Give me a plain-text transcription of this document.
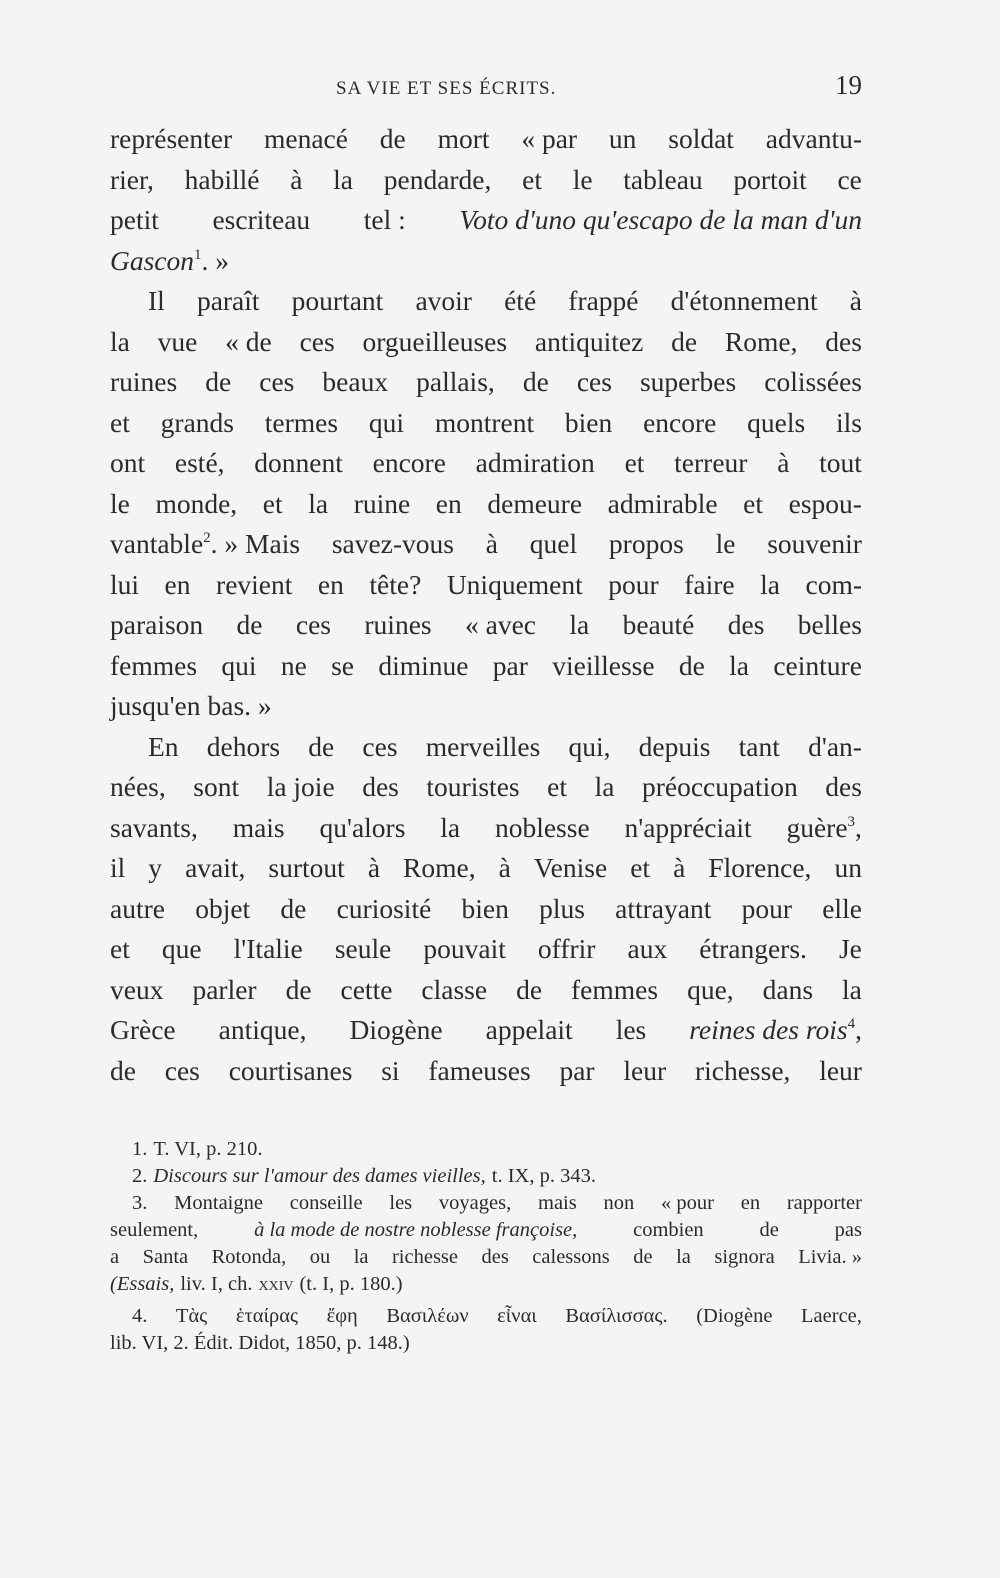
SA VIE ET SES ÉCRITS.	19
représenter menacé de mort « par un soldat advantu-
rier, habillé à la pendarde, et le tableau portoit ce
petit escriteau tel : Voto d'uno qu'escapo de la man d'un
Gascon$^1$. »
Il paraît pourtant avoir été frappé d'étonnement à
la vue « de ces orgueilleuses antiquitez de Rome, des
ruines de ces beaux pallais, de ces superbes colissées
et grands termes qui montrent bien encore quels ils
ont esté, donnent encore admiration et terreur à tout
le monde, et la ruine en demeure admirable et espou-
vantable$^2$. » Mais savez-vous à quel propos le souvenir
lui en revient en tête? Uniquement pour faire la com-
paraison de ces ruines « avec la beauté des belles
femmes qui ne se diminue par vieillesse de la ceinture
jusqu'en bas. »
En dehors de ces merveilles qui, depuis tant d'an-
nées, sont la joie des touristes et la préoccupation des
savants, mais qu'alors la noblesse n'appréciait guère$^3$,
il y avait, surtout à Rome, à Venise et à Florence, un
autre objet de curiosité bien plus attrayant pour elle
et que l'Italie seule pouvait offrir aux étrangers. Je
veux parler de cette classe de femmes que, dans la
Grèce antique, Diogène appelait les reines des rois$^4$,
de ces courtisanes si fameuses par leur richesse, leur
1. T. VI, p. 210.
2. Discours sur l'amour des dames vieilles, t. IX, p. 343.
3. Montaigne conseille les voyages, mais non « pour en rapporter
seulement,	à la mode de nostre noblesse françoise,	combien	de	pas
a Santa Rotonda, ou la richesse des calessons de la signora Livia. »
(Essais, liv. I, ch. xxiv (t. I, p. 180.)
4. Τὰς ἑταίρας ἔφη Βασιλέων εἶναι Βασίλισσας. (Diogène Laerce,
lib. VI, 2. Édit. Didot, 1850, p. 148.)
